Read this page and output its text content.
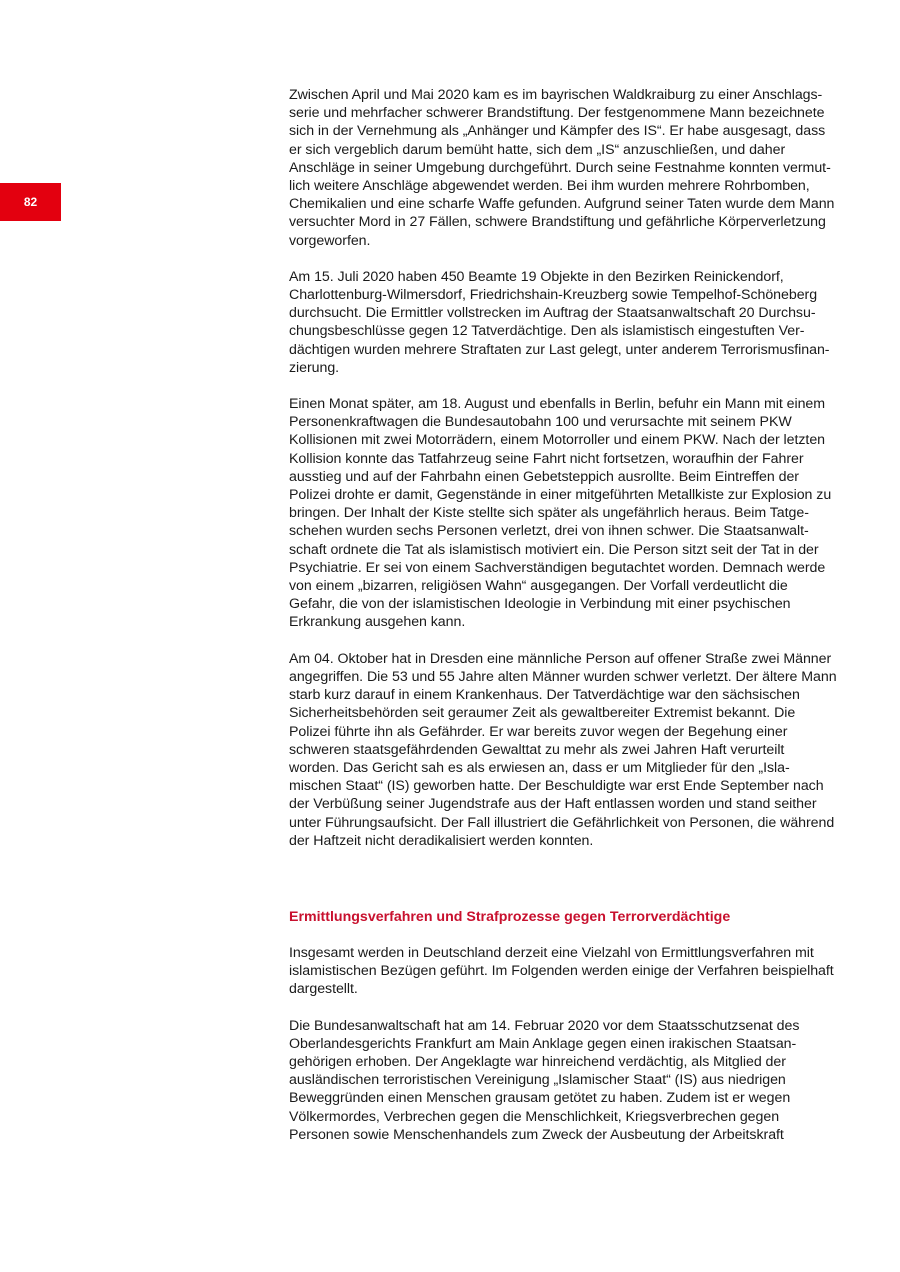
82

Zwischen April und Mai 2020 kam es im bayrischen Waldkraiburg zu einer Anschlagsserie und mehrfacher schwerer Brandstiftung. Der festgenommene Mann bezeichnete sich in der Vernehmung als „Anhänger und Kämpfer des IS“. Er habe ausgesagt, dass er sich vergeblich darum bemüht hatte, sich dem „IS“ anzuschließen, und daher Anschläge in seiner Umgebung durchgeführt. Durch seine Festnahme konnten vermutlich weitere Anschläge abgewendet werden. Bei ihm wurden mehrere Rohrbomben, Chemikalien und eine scharfe Waffe gefunden. Aufgrund seiner Taten wurde dem Mann versuchter Mord in 27 Fällen, schwere Brandstiftung und gefährliche Körperverletzung vorgeworfen.

Am 15. Juli 2020 haben 450 Beamte 19 Objekte in den Bezirken Reinickendorf, Charlottenburg-Wilmersdorf, Friedrichshain-Kreuzberg sowie Tempelhof-Schöneberg durchsucht. Die Ermittler vollstrecken im Auftrag der Staatsanwaltschaft 20 Durchsuchungsbeschlüsse gegen 12 Tatverdächtige. Den als islamistisch eingestuften Verdächtigen wurden mehrere Straftaten zur Last gelegt, unter anderem Terrorismusfinanzierung.

Einen Monat später, am 18. August und ebenfalls in Berlin, befuhr ein Mann mit einem Personenkraftwagen die Bundesautobahn 100 und verursachte mit seinem PKW Kollisionen mit zwei Motorrädern, einem Motorroller und einem PKW. Nach der letzten Kollision konnte das Tatfahrzeug seine Fahrt nicht fortsetzen, woraufhin der Fahrer ausstieg und auf der Fahrbahn einen Gebetsteppich ausrollte. Beim Eintreffen der Polizei drohte er damit, Gegenstände in einer mitgeführten Metallkiste zur Explosion zu bringen. Der Inhalt der Kiste stellte sich später als ungefährlich heraus. Beim Tatgeschehen wurden sechs Personen verletzt, drei von ihnen schwer. Die Staatsanwaltschaft ordnete die Tat als islamistisch motiviert ein. Die Person sitzt seit der Tat in der Psychiatrie. Er sei von einem Sachverständigen begutachtet worden. Demnach werde von einem „bizarren, religiösen Wahn“ ausgegangen. Der Vorfall verdeutlicht die Gefahr, die von der islamistischen Ideologie in Verbindung mit einer psychischen Erkrankung ausgehen kann.

Am 04. Oktober hat in Dresden eine männliche Person auf offener Straße zwei Männer angegriffen. Die 53 und 55 Jahre alten Männer wurden schwer verletzt. Der ältere Mann starb kurz darauf in einem Krankenhaus. Der Tatverdächtige war den sächsischen Sicherheitsbehörden seit geraumer Zeit als gewaltbereiter Extremist bekannt. Die Polizei führte ihn als Gefährder. Er war bereits zuvor wegen der Begehung einer schweren staatsgefährdenden Gewalttat zu mehr als zwei Jahren Haft verurteilt worden. Das Gericht sah es als erwiesen an, dass er um Mitglieder für den „Islamischen Staat“ (IS) geworben hatte. Der Beschuldigte war erst Ende September nach der Verbüßung seiner Jugendstrafe aus der Haft entlassen worden und stand seither unter Führungsaufsicht. Der Fall illustriert die Gefährlichkeit von Personen, die während der Haftzeit nicht deradikalisiert werden konnten.

Ermittlungsverfahren und Strafprozesse gegen Terrorverdächtige

Insgesamt werden in Deutschland derzeit eine Vielzahl von Ermittlungsverfahren mit islamistischen Bezügen geführt. Im Folgenden werden einige der Verfahren beispielhaft dargestellt.

Die Bundesanwaltschaft hat am 14. Februar 2020 vor dem Staatsschutzsenat des Oberlandesgerichts Frankfurt am Main Anklage gegen einen irakischen Staatsangehörigen erhoben. Der Angeklagte war hinreichend verdächtig, als Mitglied der ausländischen terroristischen Vereinigung „Islamischer Staat“ (IS) aus niedrigen Beweggründen einen Menschen grausam getötet zu haben. Zudem ist er wegen Völkermordes, Verbrechen gegen die Menschlichkeit, Kriegsverbrechen gegen Personen sowie Menschenhandels zum Zweck der Ausbeutung der Arbeitskraft
